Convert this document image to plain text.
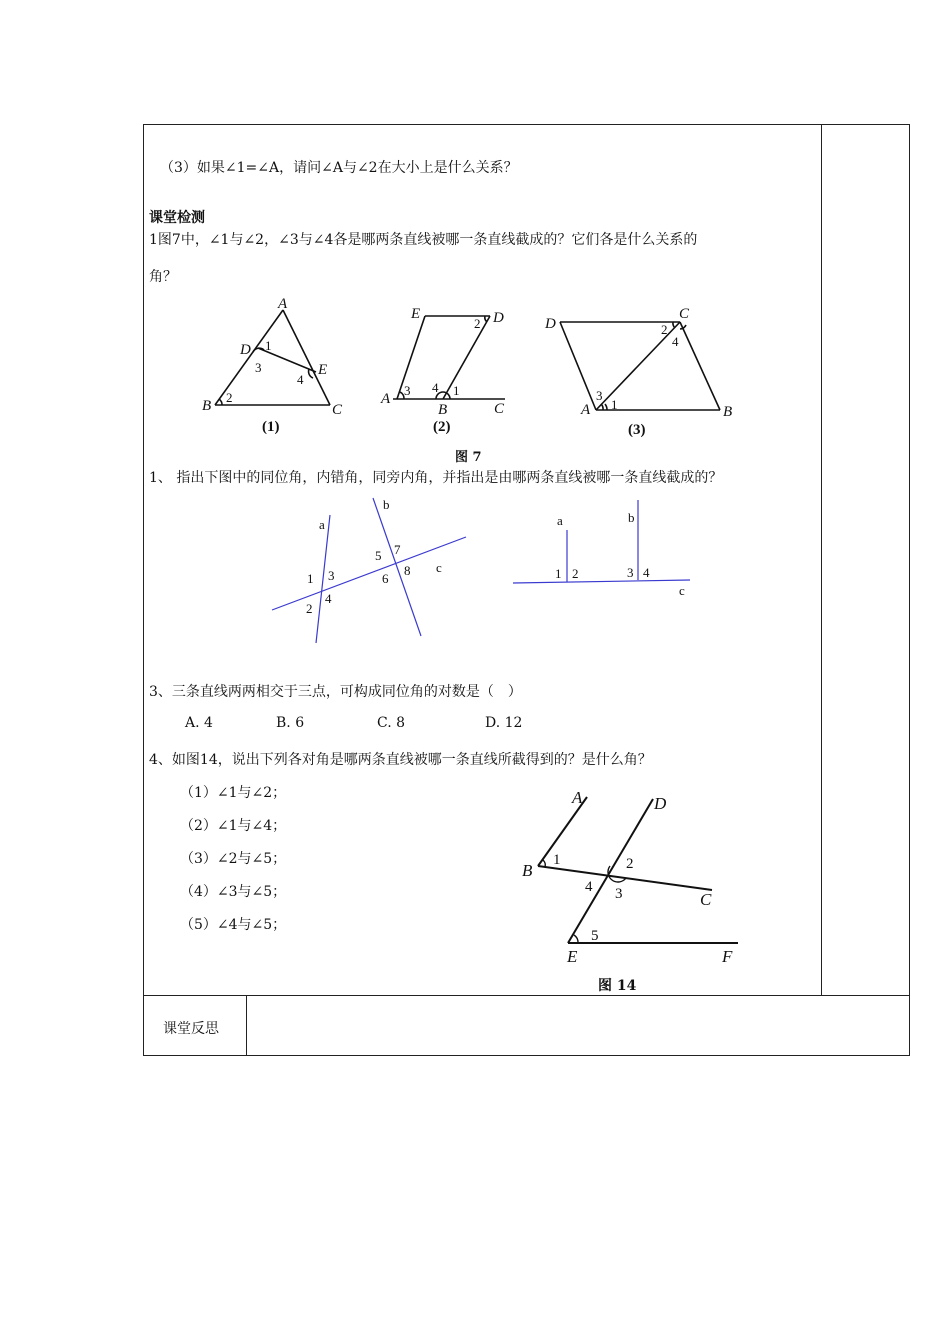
（3）如果∠1=∠A，请问∠A与∠2在大小上是什么关系？
课堂检测
1图7中，∠1与∠2，∠3与∠4各是哪两条直线被哪一条直线截成的？它们各是什么关系的
角？
A
D
E
B	C
E	D
A
B	C
D
C
A	B
1
3
4
2
2
3 4 1
2
4
3
1
(1)	(2)	(3)
图 7
1、 指出下图中的同位角，内错角，同旁内角，并指出是由哪两条直线被哪一条直线截成的？
a
b
c
1 3
2
4
5 7
6
8
a	b
c
1 2	3 4
3、三条直线两两相交于三点，可构成同位角的对数是（　）
A. 4	B. 6	C. 8	D. 12
4、如图14，说出下列各对角是哪两条直线被哪一条直线所截得到的？是什么角？
（1）∠1与∠2；
（2）∠1与∠4；
（3）∠2与∠5；
（4）∠3与∠5；
（5）∠4与∠5；
A	D
B
C
E	F
1	2
4 3
5
图 14
课堂反思
